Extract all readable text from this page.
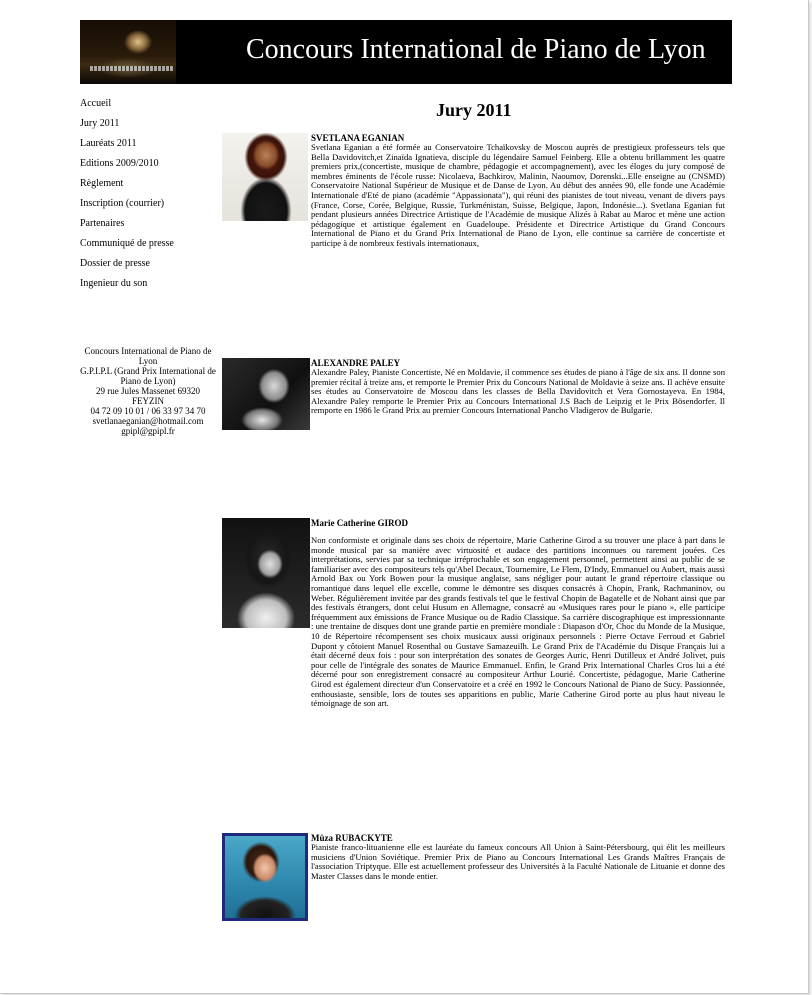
Concours International de Piano de Lyon
Accueil
Jury 2011
Lauréats 2011
Editions 2009/2010
Règlement
Inscription (courrier)
Partenaires
Communiqué de presse
Dossier de presse
Ingenieur du son
Concours International de Piano de Lyon
G.P.I.P.L (Grand Prix International de Piano de Lyon)
29 rue Jules Massenet 69320 FEYZIN
04 72 09 10 01 / 06 33 97 34 70
svetlanaeganian@hotmail.com
gpipl@gpipl.fr
Jury 2011
SVETLANA EGANIAN

Svetlana Eganian a été formée au Conservatoire Tchaïkovsky de Moscou auprès de prestigieux professeurs tels que Bella Davidovitch,et Zinaïda Ignatieva, disciple du légendaire Samuel Feinberg. Elle a obtenu brillamment les quatre premiers prix,(concertiste, musique de chambre, pédagogie et accompagnement), avec les éloges du jury composé de membres éminents de l'école russe: Nicolaeva, Bachkirov, Malinin, Naoumov, Dorenski...Elle enseigne au (CNSMD) Conservatoire National Supérieur de Musique et de Danse de Lyon. Au début des années 90, elle fonde une Académie Internationale d'Eté de piano (académie "Appassionata"), qui réuni des pianistes de tout niveau, venant de divers pays (France, Corse, Corée, Belgique, Russie, Turkménistan, Suisse, Belgique, Japon, Indonésie...). Svetlana Eganian fut pendant plusieurs années Directrice Artistique de l'Académie de musique Alizés à Rabat au Maroc et mène une action pédagogique et artistique également en Guadeloupe. Présidente et Directrice Artistique du Grand Concours International de Piano et du Grand Prix International de Piano de Lyon, elle continue sa carrière de concertiste et participe à de nombreux festivals internationaux,

ALEXANDRE PALEY

Alexandre Paley, Pianiste Concertiste, Né en Moldavie, il commence ses études de piano à l'âge de six ans. Il donne son premier récital à treize ans, et remporte le Premier Prix du Concours National de Moldavie à seize ans. Il achève ensuite ses études au Conservatoire de Moscou dans les classes de Bella Davidovitch et Vera Gornostayeva. En 1984, Alexandre Paley remporte le Premier Prix au Concours International J.S Bach de Leipzig et le Prix Bösendorfer. Il remporte en 1986 le Grand Prix au premier Concours International Pancho Vladigerov de Bulgarie.

Marie Catherine GIROD

Non conformiste et originale dans ses choix de répertoire, Marie Catherine Girod a su trouver une place à part dans le monde musical par sa manière avec virtuosité et audace des partitions inconnues ou rarement jouées. Ces interprétations, servies par sa technique irréprochable et son engagement personnel, permettent ainsi au public de se familiariser avec des compositeurs tels qu'Abel Decaux, Tournemire, Le Flem, D'Indy, Emmanuel ou Aubert, mais aussi Arnold Bax ou York Bowen pour la musique anglaise, sans négliger pour autant le grand répertoire classique ou romantique dans lequel elle excelle, comme le démontre ses disques consacrés à Chopin, Frank, Rachmaninov, ou Weber. Régulièrement invitée par des grands festivals tel que le festival Chopin de Bagatelle et de Nohant ainsi que par des festivals étrangers, dont celui Husum en Allemagne, consacré au «Musiques rares pour le piano », elle participe fréquemment aux émissions de France Musique ou de Radio Classique. Sa carrière discographique est impressionnante : une trentaine de disques dont une grande partie en première mondiale : Diapason d'Or, Choc du Monde de la Musique, 10 de Répertoire récompensent ses choix musicaux aussi originaux personnels : Pierre Octave Ferroud et Gabriel Dupont y côtoient Manuel Rosenthal ou Gustave Samazeuilh. Le Grand Prix de l'Académie du Disque Français lui a était décerné deux fois : pour son interprétation des sonates de Georges Auric, Henri Dutilleux et André Jolivet, puis pour celle de l'intégrale des sonates de Maurice Emmanuel. Enfin, le Grand Prix International Charles Cros lui a été décerné pour son enregistrement consacré au compositeur Arthur Lourié. Concertiste, pédagogue, Marie Catherine Girod est également directeur d'un Conservatoire et a créé en 1992 le Concours National de Piano de Sucy. Passionnée, enthousiaste, sensible, lors de toutes ses apparitions en public, Marie Catherine Girod porte au plus haut niveau le témoignage de son art.

Mûza RUBACKYTE

Pianiste franco-lituanienne elle est lauréate du fameux concours All Union à Saint-Pétersbourg, qui élit les meilleurs musiciens d'Union Soviétique. Premier Prix de Piano au Concours International Les Grands Maîtres Français de l'association Triptyque. Elle est actuellement professeur des Universités à la Faculté Nationale de Lituanie et donne des Master Classes dans le monde entier.
